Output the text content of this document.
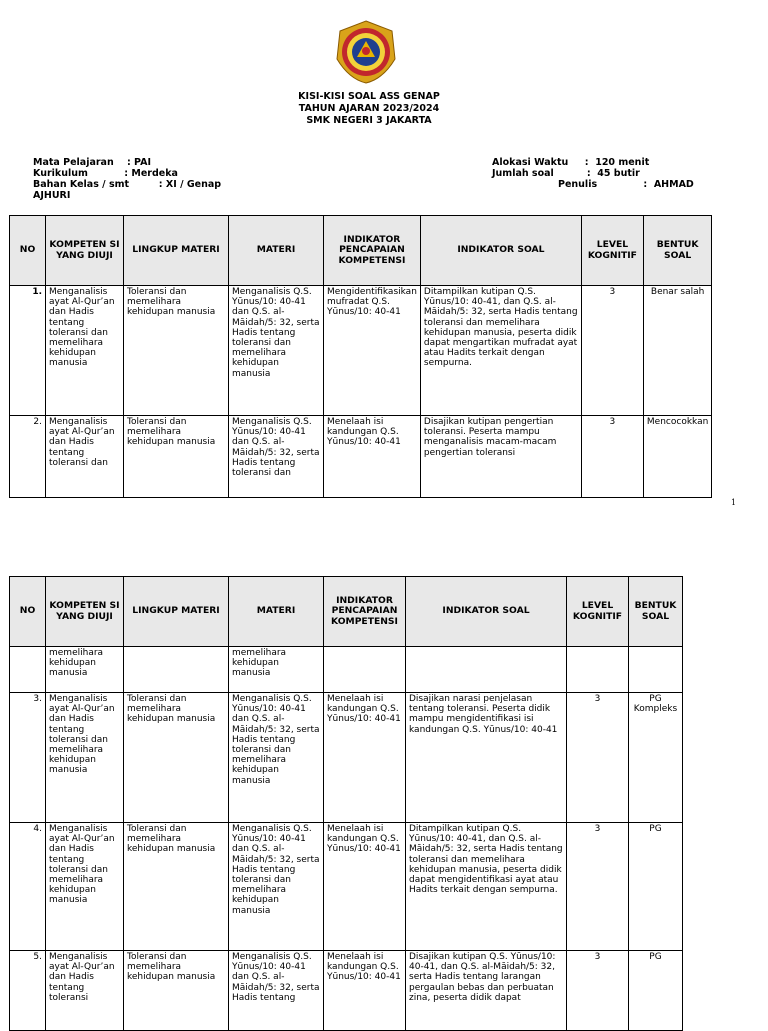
KISI-KISI SOAL ASS GENAP
TAHUN AJARAN 2023/2024
SMK NEGERI 3 JAKARTA
Mata Pelajaran    : PAI
Kurikulum           : Merdeka
Bahan Kelas / smt         : XI / Genap
AJHURI
Alokasi Waktu     :  120 menit
Jumlah soal          :  45 butir
Penulis              :  AHMAD
NO	KOMPETEN SI YANG DIUJI	LINGKUP MATERI	MATERI	INDIKATOR PENCAPAIAN KOMPETENSI	INDIKATOR SOAL	LEVEL KOGNITIF	BENTUK SOAL
1.	Menganalisis ayat Al-Qur’an dan Hadis tentang toleransi dan memelihara kehidupan manusia	Toleransi dan memelihara kehidupan manusia	Menganalisis Q.S. Yūnus/10: 40-41 dan Q.S. al-Māidah/5: 32, serta Hadis tentang toleransi dan memelihara kehidupan manusia	Mengidentifikasikan mufradat Q.S. Yūnus/10: 40-41	Ditampilkan kutipan Q.S. Yūnus/10: 40-41, dan Q.S. al-Māidah/5: 32, serta Hadis tentang toleransi dan memelihara kehidupan manusia, peserta didik dapat mengartikan mufradat ayat atau Hadits terkait dengan sempurna.	3	Benar salah
2.	Menganalisis ayat Al-Qur’an dan Hadis tentang toleransi dan	Toleransi dan memelihara kehidupan manusia	Menganalisis Q.S. Yūnus/10: 40-41 dan Q.S. al-Māidah/5: 32, serta Hadis tentang toleransi dan	Menelaah isi kandungan Q.S. Yūnus/10: 40-41	Disajikan kutipan pengertian toleransi. Peserta mampu menganalisis macam-macam pengertian toleransi	3	Mencocokkan
1
NO	KOMPETEN SI YANG DIUJI	LINGKUP MATERI	MATERI	INDIKATOR PENCAPAIAN KOMPETENSI	INDIKATOR SOAL	LEVEL KOGNITIF	BENTUK SOAL
	memelihara kehidupan manusia		memelihara kehidupan manusia				
3.	Menganalisis ayat Al-Qur’an dan Hadis tentang toleransi dan memelihara kehidupan manusia	Toleransi dan memelihara kehidupan manusia	Menganalisis Q.S. Yūnus/10: 40-41 dan Q.S. al-Māidah/5: 32, serta Hadis tentang toleransi dan memelihara kehidupan manusia	Menelaah isi kandungan Q.S. Yūnus/10: 40-41	Disajikan narasi penjelasan tentang toleransi. Peserta didik mampu mengidentifikasi isi kandungan Q.S. Yūnus/10: 40-41	3	PG Kompleks
4.	Menganalisis ayat Al-Qur’an dan Hadis tentang toleransi dan memelihara kehidupan manusia	Toleransi dan memelihara kehidupan manusia	Menganalisis Q.S. Yūnus/10: 40-41 dan Q.S. al-Māidah/5: 32, serta Hadis tentang toleransi dan memelihara kehidupan manusia	Menelaah isi kandungan Q.S. Yūnus/10: 40-41	Ditampilkan kutipan Q.S. Yūnus/10: 40-41, dan Q.S. al-Māidah/5: 32, serta Hadis tentang toleransi dan memelihara kehidupan manusia, peserta didik dapat mengidentifikasi ayat atau Hadits terkait dengan sempurna.	3	PG
5.	Menganalisis ayat Al-Qur’an dan Hadis tentang toleransi	Toleransi dan memelihara kehidupan manusia	Menganalisis Q.S. Yūnus/10: 40-41 dan Q.S. al-Māidah/5: 32, serta Hadis tentang	Menelaah isi kandungan Q.S. Yūnus/10: 40-41	Disajikan kutipan Q.S. Yūnus/10: 40-41, dan Q.S. al-Māidah/5: 32, serta Hadis tentang larangan pergaulan bebas dan perbuatan zina, peserta didik dapat	3	PG
